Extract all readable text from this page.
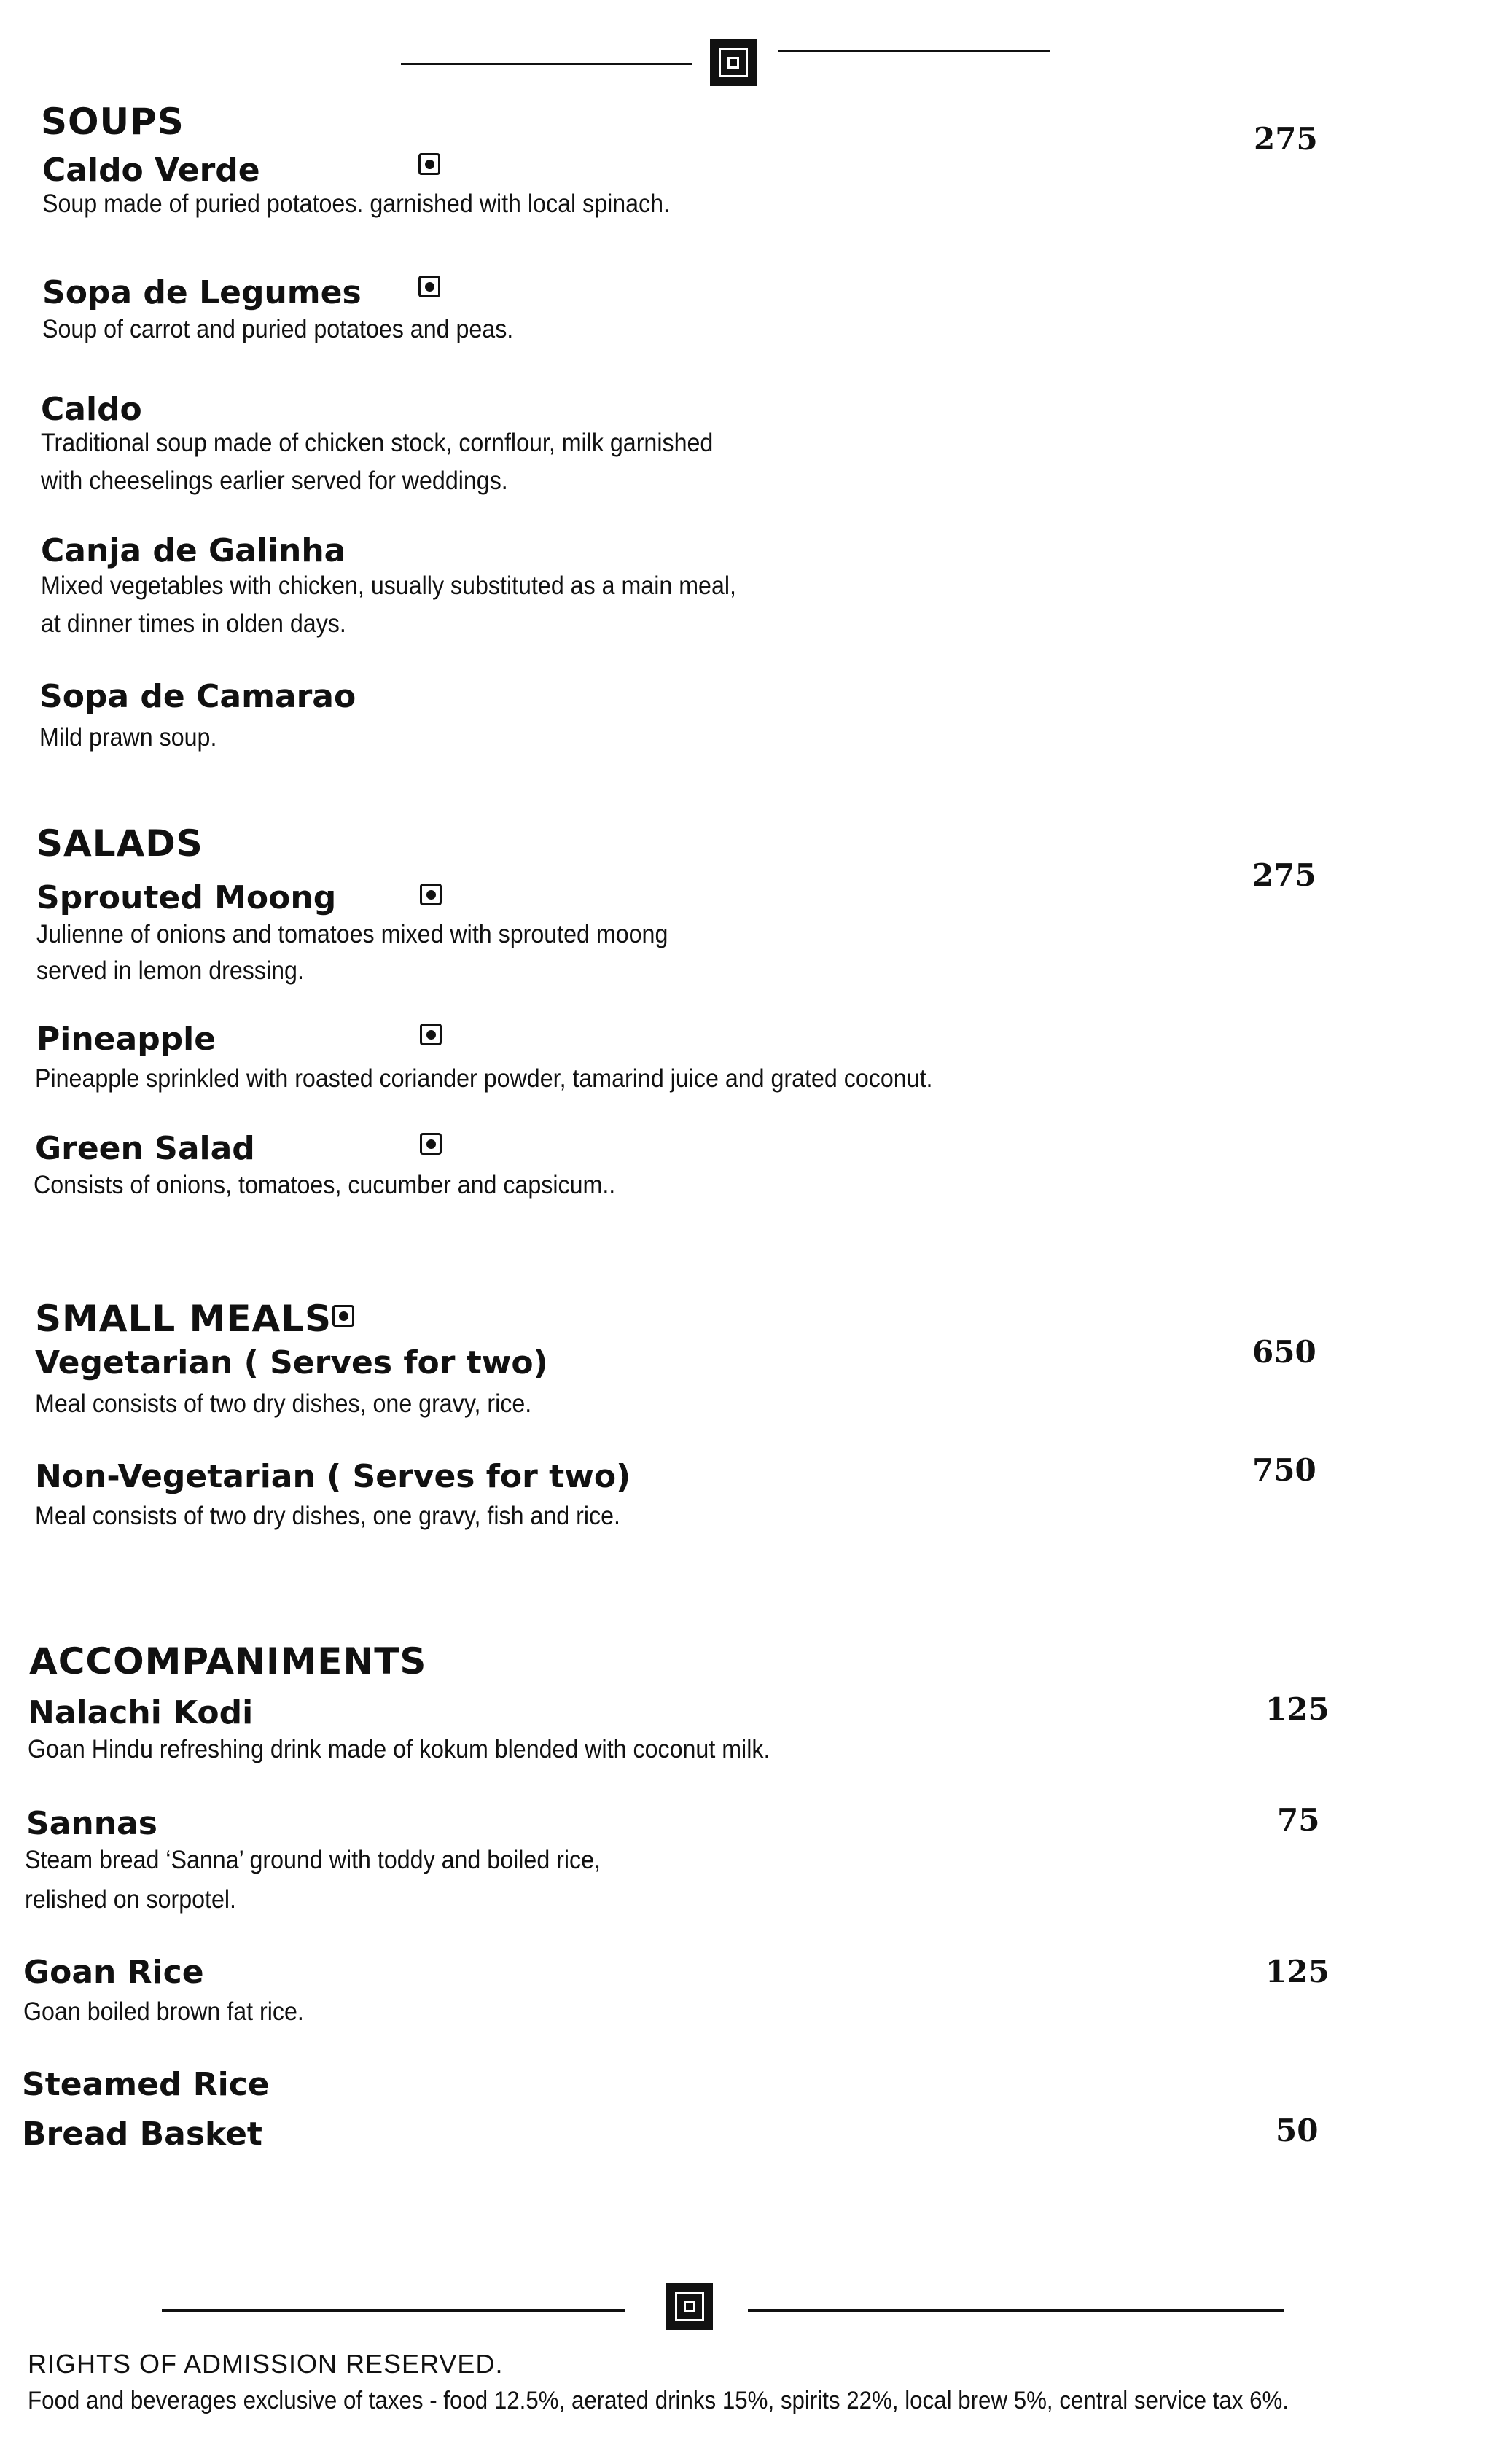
SOUPS	275
Caldo Verde

Soup made of puried potatoes. garnished with local spinach.

Sopa de Legumes

Soup of carrot and puried potatoes and peas.

Caldo

Traditional soup made of chicken stock, cornflour, milk garnished

with cheeselings earlier served for weddings.

Canja de Galinha

Mixed vegetables with chicken, usually substituted as a main meal,

at dinner times in olden days.

Sopa de Camarao

Mild prawn soup.

SALADS
275
Sprouted Moong

Julienne of onions and tomatoes mixed with sprouted moong

served in lemon dressing.

Pineapple

Pineapple sprinkled with roasted coriander powder, tamarind juice and grated coconut.

Green Salad

Consists of onions, tomatoes, cucumber and capsicum..

SMALL MEALS
Vegetarian ( Serves for two)	650

Meal consists of two dry dishes, one gravy, rice.

Non-Vegetarian ( Serves for two)	750

Meal consists of two dry dishes, one gravy, fish and rice.

ACCOMPANIMENTS
Nalachi Kodi	125

Goan Hindu refreshing drink made of kokum blended with coconut milk.

Sannas	75

Steam bread ‘Sanna’ ground with toddy and boiled rice,

relished on sorpotel.

Goan Rice	125

Goan boiled brown fat rice.

Steamed Rice
Bread Basket	50

RIGHTS OF ADMISSION RESERVED.

Food and beverages exclusive of taxes - food 12.5%, aerated drinks 15%, spirits 22%, local brew 5%, central service tax 6%.
